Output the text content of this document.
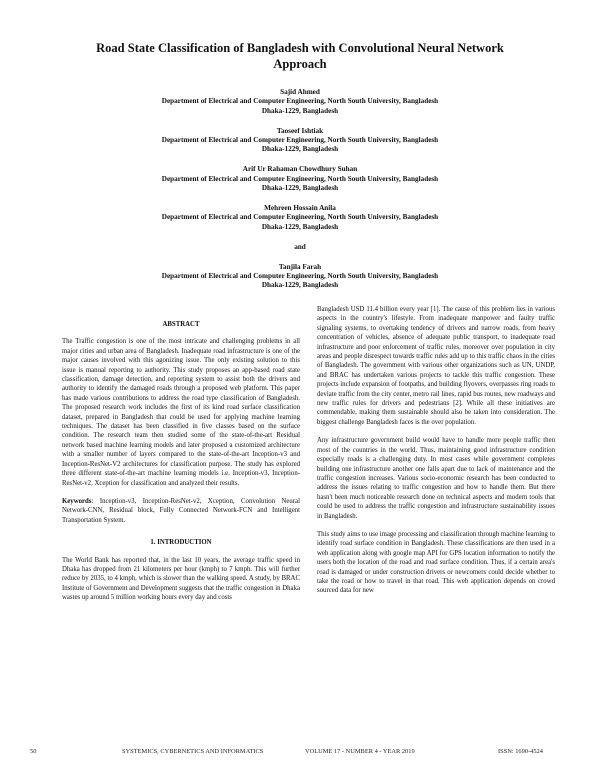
Road State Classification of Bangladesh with Convolutional Neural Network Approach
Sajid Ahmed
Department of Electrical and Computer Engineering, North South University, Bangladesh
Dhaka-1229, Bangladesh
Taoseef Ishtiak
Department of Electrical and Computer Engineering, North South University, Bangladesh
Dhaka-1229, Bangladesh
Arif Ur Rahaman Chowdhury Suhan
Department of Electrical and Computer Engineering, North South University, Bangladesh
Dhaka-1229, Bangladesh
Mehreen Hossain Anila
Department of Electrical and Computer Engineering, North South University, Bangladesh
Dhaka-1229, Bangladesh
and
Tanjila Farah
Department of Electrical and Computer Engineering, North South University, Bangladesh
Dhaka-1229, Bangladesh
ABSTRACT

The Traffic congestion is one of the most intricate and challenging problems in all major cities and urban area of Bangladesh. Inadequate road infrastructure is one of the major causes involved with this agonizing issue. The only existing solution to this issue is manual reporting to authority. This study proposes an app-based road state classification, damage detection, and reporting system to assist both the drivers and authority to identify the damaged roads through a proposed web platform. This paper has made various contributions to address the road type classification of Bangladesh. The proposed research work includes the first of its kind road surface classification dataset, prepared in Bangladesh that could be used for applying machine learning techniques. The dataset has been classified in five classes based on the surface condition. The research team then studied some of the state-of-the-art Residual network based machine learning models and later proposed a customized architecture with a smaller number of layers compared to the state-of-the-art Inception-v3 and Inception-ResNet-V2 architectures for classification purpose. The study has explored three different state-of-the-art machine learning models i.e. Inception-v3, Inception-ResNet-v2, Xception for classification and analyzed their results.

Keywords: Inception-v3, Inception-ResNet-v2, Xception, Convolution Neural Network-CNN, Residual block, Fully Connected Network-FCN and Intelligent Transportation System.

1. INTRODUCTION

The World Bank has reported that, in the last 10 years, the average traffic speed in Dhaka has dropped from 21 kilometers per hour (kmph) to 7 kmph. This will further reduce by 2035, to 4 kmph, which is slower than the walking speed. A study, by BRAC Institute of Government and Development suggests that the traffic congestion in Dhaka wastes up around 5 million working hours every day and costs

Bangladesh USD 11.4 billion every year [1]. The cause of this problem lies in various aspects in the country's lifestyle. From inadequate manpower and faulty traffic signaling systems, to overtaking tendency of drivers and narrow roads, from heavy concentration of vehicles, absence of adequate public transport, to inadequate road infrastructure and poor enforcement of traffic rules, moreover over population in city areas and people disrespect towards traffic rules add up to this traffic chaos in the cities of Bangladesh. The government with various other organizations such as UN, UNDP, and BRAC has undertaken various projects to tackle this traffic congestion. These projects include expansion of footpaths, and building flyovers, overpasses ring roads to deviate traffic from the city center, metro rail lines, rapid bus routes, new roadways and new traffic rules for drivers and pedestrians [2]. While all these initiatives are commendable, making them sustainable should also be taken into consideration. The biggest challenge Bangladesh faces is the over population.

Any infrastructure government build would have to handle more people traffic then most of the countries in the world. Thus, maintaining good infrastructure condition especially roads is a challenging duty. In most cases while government completes building one infrastructure another one falls apart due to lack of maintenance and the traffic congestion increases. Various socio-economic research has been conducted to address the issues relating to traffic congestion and how to handle them. But there hasn't been much noticeable research done on technical aspects and modern tools that could be used to address the traffic congestion and infrastructure sustainability issues in Bangladesh.

This study aims to use image processing and classification through machine learning to identify road surface condition in Bangladesh. These classifications are then used in a web application along with google map API for GPS location information to notify the users both the location of the road and road surface condition. Thus, if a certain area's road is damaged or under construction drivers or newcomers could decide whether to take the road or how to travel in that road. This web application depends on crowd sourced data for new

50	SYSTEMICS, CYBERNETICS AND INFORMATICS	VOLUME 17 - NUMBER 4 - YEAR 2019	ISSN: 1690-4524
